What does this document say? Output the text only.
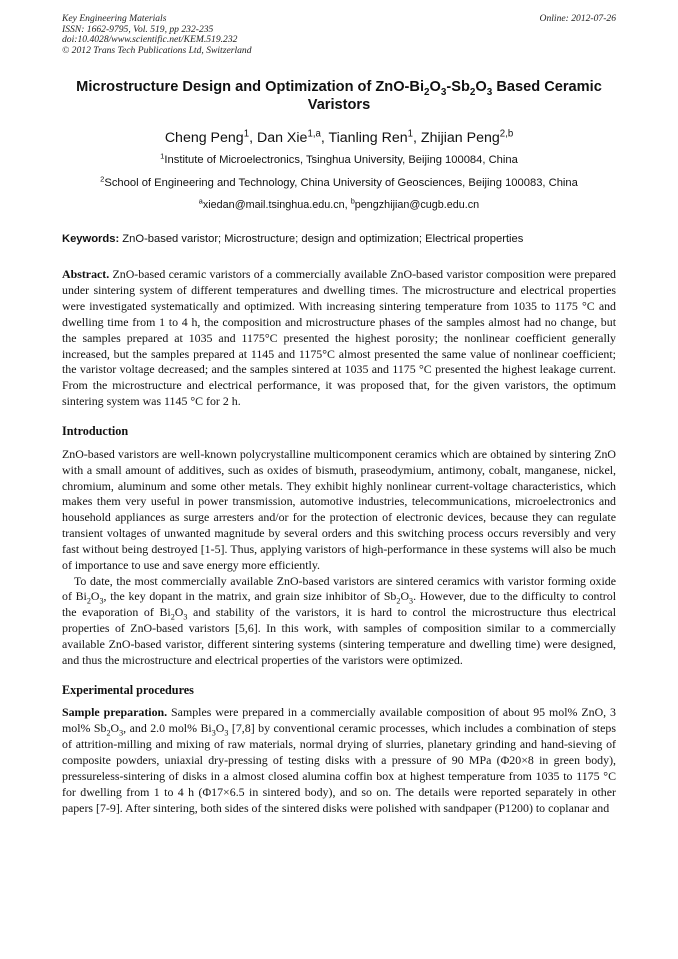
Key Engineering Materials
ISSN: 1662-9795, Vol. 519, pp 232-235
doi:10.4028/www.scientific.net/KEM.519.232
© 2012 Trans Tech Publications Ltd, Switzerland
Online: 2012-07-26
Microstructure Design and Optimization of ZnO-$Bi_2O_3-Sb_2O_3$ Based Ceramic Varistors
Cheng Peng$^1$, Dan Xie$^{1,a}$, Tianling Ren$^1$, Zhijian Peng$^{2,b}$
$^1$Institute of Microelectronics, Tsinghua University, Beijing 100084, China
$^2$School of Engineering and Technology, China University of Geosciences, Beijing 100083, China
$^a$xiedan@mail.tsinghua.edu.cn, $^b$pengzhijian@cugb.edu.cn
Keywords: ZnO-based varistor; Microstructure; design and optimization; Electrical properties

Abstract. ZnO-based ceramic varistors of a commercially available ZnO-based varistor composition were prepared under sintering system of different temperatures and dwelling times. The microstructure and electrical properties were investigated systematically and optimized. With increasing sintering temperature from 1035 to 1175 °C and dwelling time from 1 to 4 h, the composition and microstructure phases of the samples almost had no change, but the samples prepared at 1035 and 1175°C presented the highest porosity; the nonlinear coefficient generally increased, but the samples prepared at 1145 and 1175°C almost presented the same value of nonlinear coefficient; the varistor voltage decreased; and the samples sintered at 1035 and 1175 °C presented the highest leakage current. From the microstructure and electrical performance, it was proposed that, for the given varistors, the optimum sintering system was 1145 °C for 2 h.

Introduction

ZnO-based varistors are well-known polycrystalline multicomponent ceramics which are obtained by sintering ZnO with a small amount of additives, such as oxides of bismuth, praseodymium, antimony, cobalt, manganese, nickel, chromium, aluminum and some other metals. They exhibit highly nonlinear current-voltage characteristics, which makes them very useful in power transmission, automotive industries, telecommunications, microelectronics and household appliances as surge arresters and/or for the protection of electronic devices, because they can regulate transient voltages of unwanted magnitude by several orders and this switching process occurs reversibly and very fast without being destroyed [1-5]. Thus, applying varistors of high-performance in these systems will also be much of importance to use and save energy more efficiently.

To date, the most commercially available ZnO-based varistors are sintered ceramics with varistor forming oxide of $Bi_2O_3$, the key dopant in the matrix, and grain size inhibitor of $Sb_2O_3$. However, due to the difficulty to control the evaporation of $Bi_2O_3$ and stability of the varistors, it is hard to control the microstructure thus electrical properties of ZnO-based varistors [5,6]. In this work, with samples of composition similar to a commercially available ZnO-based varistor, different sintering systems (sintering temperature and dwelling time) were designed, and thus the microstructure and electrical properties of the varistors were optimized.

Experimental procedures

Sample preparation. Samples were prepared in a commercially available composition of about 95 mol% ZnO, 3 mol% $Sb_2O_3$, and 2.0 mol% $Bi_3O_3$ [7,8] by conventional ceramic processes, which includes a combination of steps of attrition-milling and mixing of raw materials, normal drying of slurries, planetary grinding and hand-sieving of composite powders, uniaxial dry-pressing of testing disks with a pressure of 90 MPa (Φ20×8 in green body), pressureless-sintering of disks in a almost closed alumina coffin box at highest temperature from 1035 to 1175 °C for dwelling from 1 to 4 h (Φ17×6.5 in sintered body), and so on. The details were reported separately in other papers [7-9]. After sintering, both sides of the sintered disks were polished with sandpaper (P1200) to coplanar and
